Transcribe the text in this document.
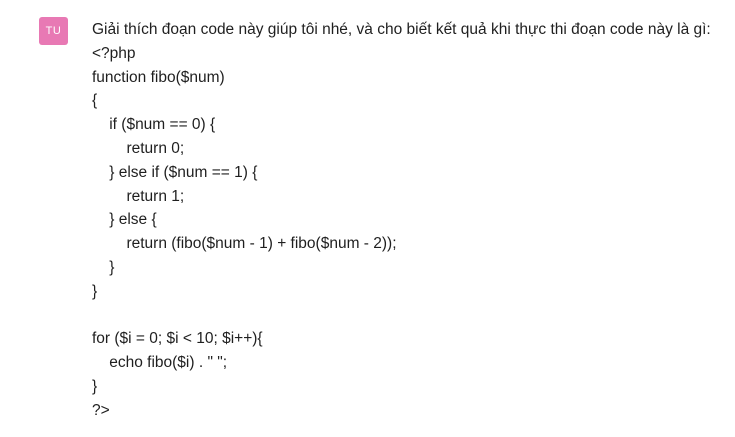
TU	Giải thích đoạn code này giúp tôi nhé, và cho biết kết quả khi thực thi đoạn code này là gì:
<?php
function fibo($num)
{
if ($num == 0) {
return 0;
} else if ($num == 1) {
return 1;
} else {
return (fibo($num - 1) + fibo($num - 2));
}
}
for ($i = 0; $i < 10; $i++){
echo fibo($i) . " ";
}
?>
